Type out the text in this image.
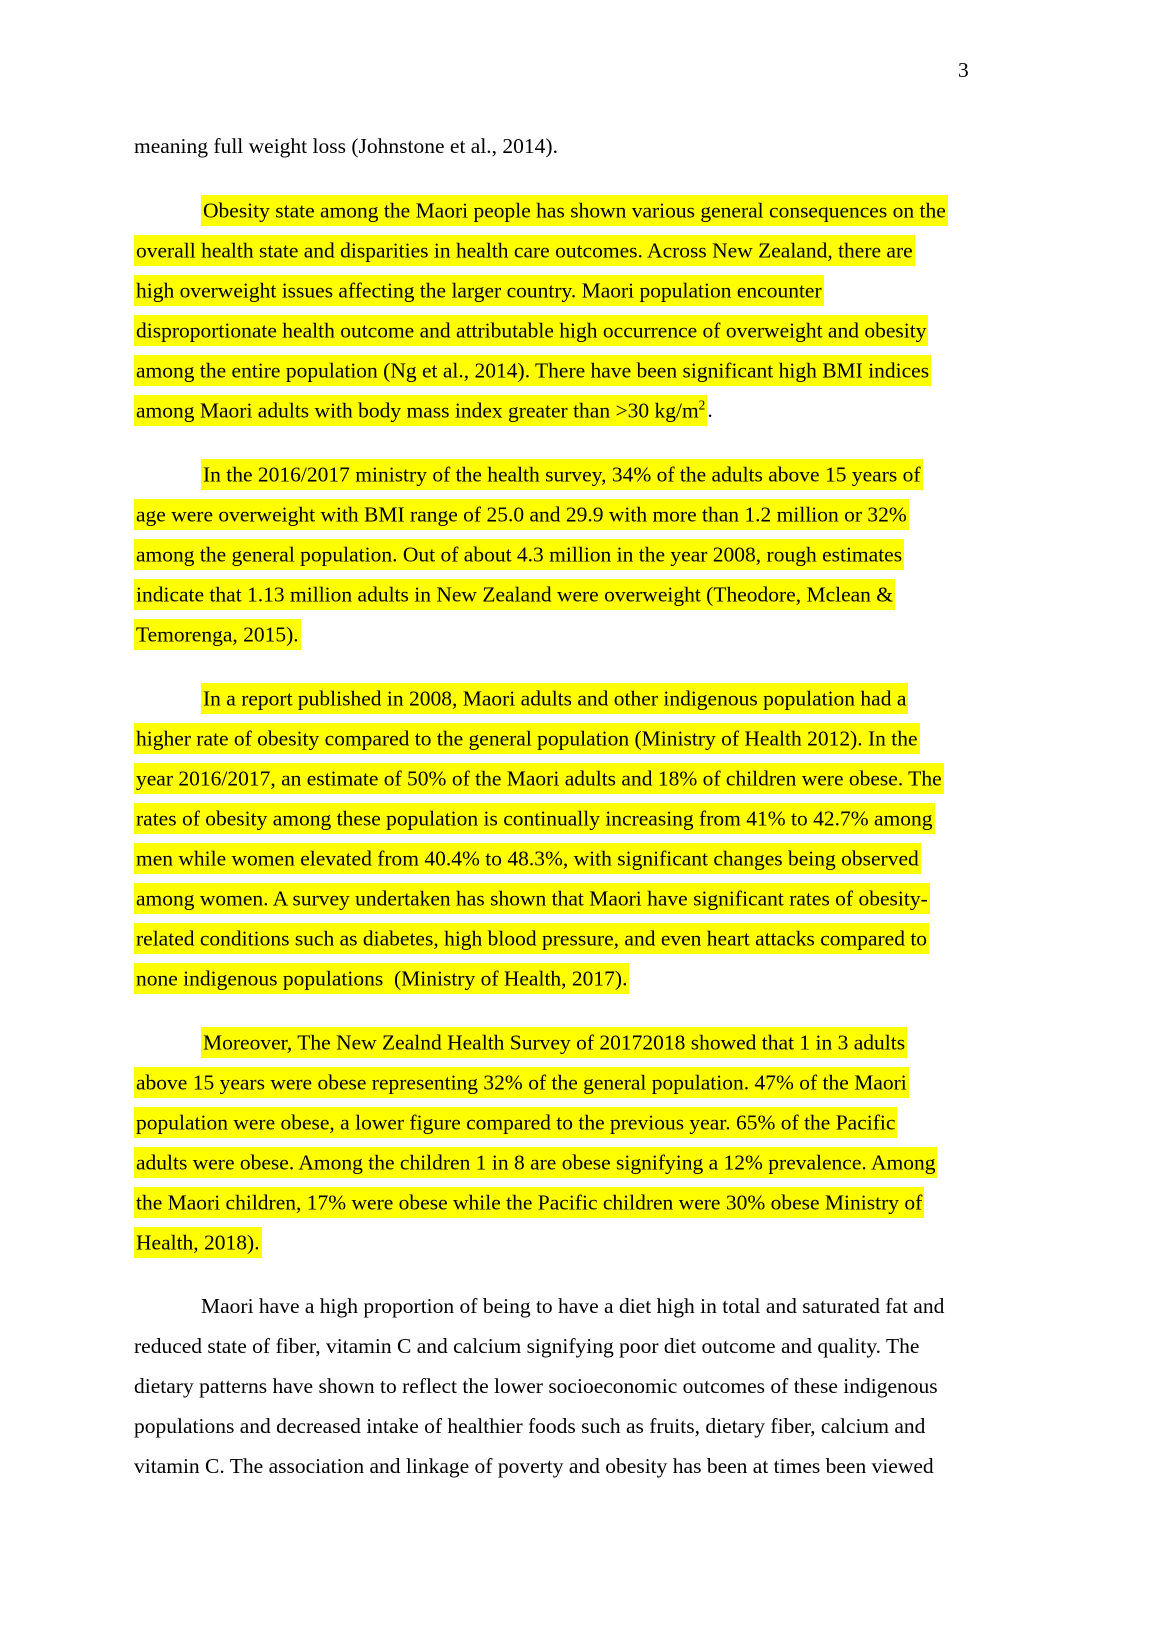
3
meaning full weight loss (Johnstone et al., 2014).
Obesity state among the Maori people has shown various general consequences on the
overall health state and disparities in health care outcomes. Across New Zealand, there are
high overweight issues affecting the larger country. Maori population encounter
disproportionate health outcome and attributable high occurrence of overweight and obesity
among the entire population (Ng et al., 2014). There have been significant high BMI indices
among Maori adults with body mass index greater than >30 $kg/m^2$.
In the 2016/2017 ministry of the health survey, 34% of the adults above 15 years of
age were overweight with BMI range of 25.0 and 29.9 with more than 1.2 million or 32%
among the general population. Out of about 4.3 million in the year 2008, rough estimates
indicate that 1.13 million adults in New Zealand were overweight (Theodore, Mclean &
Temorenga, 2015).
In a report published in 2008, Maori adults and other indigenous population had a
higher rate of obesity compared to the general population (Ministry of Health 2012). In the
year 2016/2017, an estimate of 50% of the Maori adults and 18% of children were obese. The
rates of obesity among these population is continually increasing from 41% to 42.7% among
men while women elevated from 40.4% to 48.3%, with significant changes being observed
among women. A survey undertaken has shown that Maori have significant rates of obesity-
related conditions such as diabetes, high blood pressure, and even heart attacks compared to
none indigenous populations  (Ministry of Health, 2017).
Moreover, The New Zealnd Health Survey of 20172018 showed that 1 in 3 adults
above 15 years were obese representing 32% of the general population. 47% of the Maori
population were obese, a lower figure compared to the previous year. 65% of the Pacific
adults were obese. Among the children 1 in 8 are obese signifying a 12% prevalence. Among
the Maori children, 17% were obese while the Pacific children were 30% obese Ministry of
Health, 2018).
Maori have a high proportion of being to have a diet high in total and saturated fat and
reduced state of fiber, vitamin C and calcium signifying poor diet outcome and quality. The
dietary patterns have shown to reflect the lower socioeconomic outcomes of these indigenous
populations and decreased intake of healthier foods such as fruits, dietary fiber, calcium and
vitamin C. The association and linkage of poverty and obesity has been at times been viewed
